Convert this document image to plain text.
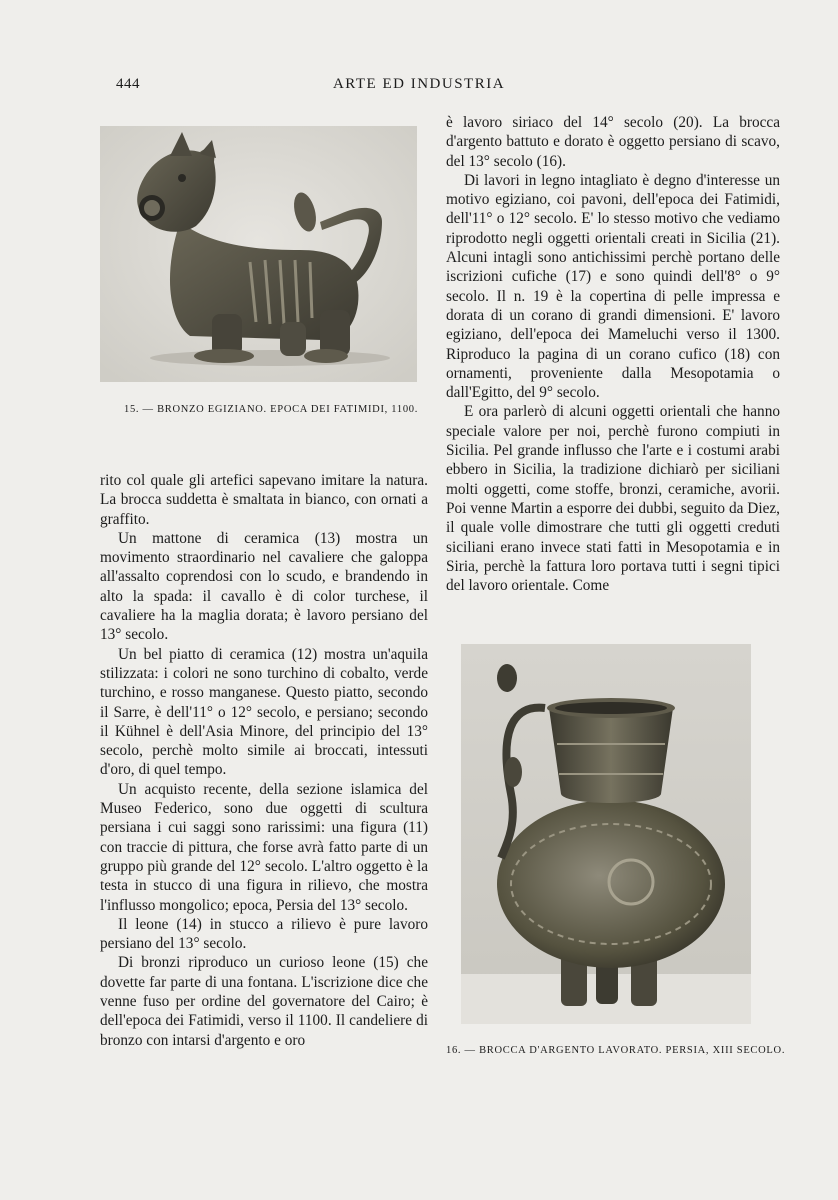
444	ARTE ED INDUSTRIA
15. — BRONZO EGIZIANO. EPOCA DEI FATIMIDI, 1100.

rito col quale gli artefici sapevano imitare la natura. La brocca suddetta è smaltata in bianco, con ornati a graffito.

Un mattone di ceramica (13) mostra un movimento straordinario nel cavaliere che galoppa all'assalto coprendosi con lo scudo, e brandendo in alto la spada: il cavallo è di color turchese, il cavaliere ha la maglia dorata; è lavoro persiano del 13° secolo.

Un bel piatto di ceramica (12) mostra un'aquila stilizzata: i colori ne sono turchino di cobalto, verde turchino, e rosso manganese. Questo piatto, secondo il Sarre, è dell'11° o 12° secolo, e persiano; secondo il Kühnel è dell'Asia Minore, del principio del 13° secolo, perchè molto simile ai broccati, intessuti d'oro, di quel tempo.

Un acquisto recente, della sezione islamica del Museo Federico, sono due oggetti di scultura persiana i cui saggi sono rarissimi: una figura (11) con traccie di pittura, che forse avrà fatto parte di un gruppo più grande del 12° secolo. L'altro oggetto è la testa in stucco di una figura in rilievo, che mostra l'influsso mongolico; epoca, Persia del 13° secolo.

Il leone (14) in stucco a rilievo è pure lavoro persiano del 13° secolo.

Di bronzi riproduco un curioso leone (15) che dovette far parte di una fontana. L'iscrizione dice che venne fuso per ordine del governatore del Cairo; è dell'epoca dei Fatimidi, verso il 1100. Il candeliere di bronzo con intarsi d'argento e oro

è lavoro siriaco del 14° secolo (20). La brocca d'argento battuto e dorato è oggetto persiano di scavo, del 13° secolo (16).

Di lavori in legno intagliato è degno d'interesse un motivo egiziano, coi pavoni, dell'epoca dei Fatimidi, dell'11° o 12° secolo. E' lo stesso motivo che vediamo riprodotto negli oggetti orientali creati in Sicilia (21). Alcuni intagli sono antichissimi perchè portano delle iscrizioni cufiche (17) e sono quindi dell'8° o 9° secolo. Il n. 19 è la copertina di pelle impressa e dorata di un corano di grandi dimensioni. E' lavoro egiziano, dell'epoca dei Mameluchi verso il 1300. Riproduco la pagina di un corano cufico (18) con ornamenti, proveniente dalla Mesopotamia o dall'Egitto, del 9° secolo.

E ora parlerò di alcuni oggetti orientali che hanno speciale valore per noi, perchè furono compiuti in Sicilia. Pel grande influsso che l'arte e i costumi arabi ebbero in Sicilia, la tradizione dichiarò per siciliani molti oggetti, come stoffe, bronzi, ceramiche, avorii. Poi venne Martin a esporre dei dubbi, seguito da Diez, il quale volle dimostrare che tutti gli oggetti creduti siciliani erano invece stati fatti in Mesopotamia e in Siria, perchè la fattura loro portava tutti i segni tipici del lavoro orientale. Come

16. — BROCCA D'ARGENTO LAVORATO. PERSIA, XIII SECOLO.
